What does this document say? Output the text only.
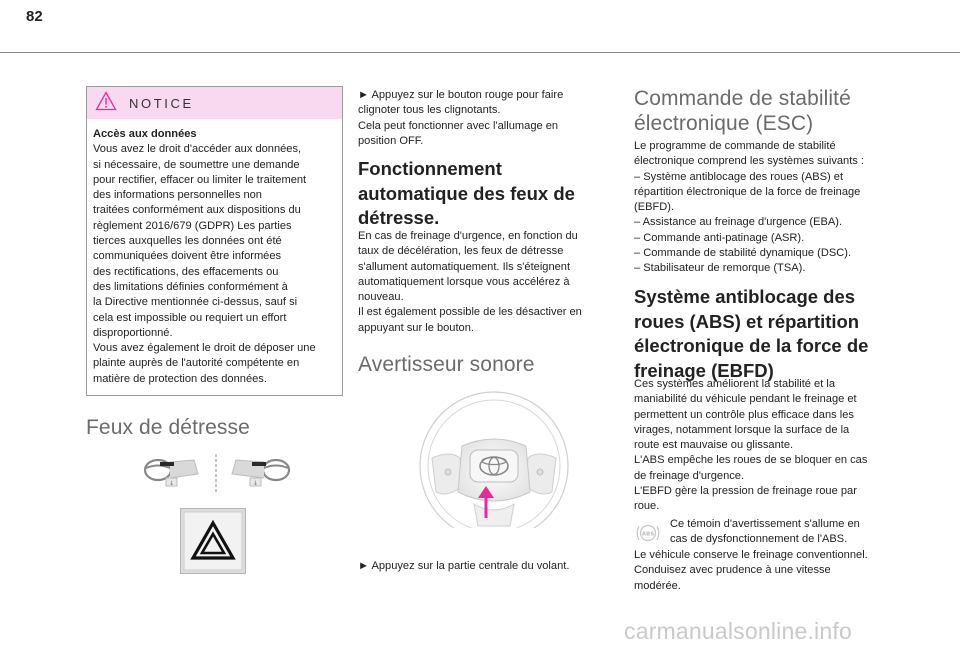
82
NOTICE
Accès aux données
Vous avez le droit d'accéder aux données,
si nécessaire, de soumettre une demande
pour rectifier, effacer ou limiter le traitement
des informations personnelles non
traitées conformément aux dispositions du
règlement 2016/679 (GDPR) Les parties
tierces auxquelles les données ont été
communiquées doivent être informées
des rectifications, des effacements ou
des limitations définies conformément à
la Directive mentionnée ci-dessus, sauf si
cela est impossible ou requiert un effort
disproportionné.
Vous avez également le droit de déposer une
plainte auprès de l'autorité compétente en
matière de protection des données.
Feux de détresse
↓	↓
► Appuyez sur le bouton rouge pour faire
clignoter tous les clignotants.
Cela peut fonctionner avec l'allumage en
position OFF.
Fonctionnement
automatique des feux de
détresse.
En cas de freinage d'urgence, en fonction du
taux de décélération, les feux de détresse
s'allument automatiquement. Ils s'éteignent
automatiquement lorsque vous accélérez à
nouveau.
Il est également possible de les désactiver en
appuyant sur le bouton.
Avertisseur sonore
► Appuyez sur la partie centrale du volant.
Commande de stabilité
électronique (ESC)
Le programme de commande de stabilité
électronique comprend les systèmes suivants :
– Système antiblocage des roues (ABS) et
répartition électronique de la force de freinage
(EBFD).
– Assistance au freinage d'urgence (EBA).
– Commande anti-patinage (ASR).
– Commande de stabilité dynamique (DSC).
– Stabilisateur de remorque (TSA).
Système antiblocage des
roues (ABS) et répartition
électronique de la force de
freinage (EBFD)
Ces systèmes améliorent la stabilité et la
maniabilité du véhicule pendant le freinage et
permettent un contrôle plus efficace dans les
virages, notamment lorsque la surface de la
route est mauvaise ou glissante.
L'ABS empêche les roues de se bloquer en cas
de freinage d'urgence.
L'EBFD gère la pression de freinage roue par
roue.
ABS
Ce témoin d'avertissement s'allume en
cas de dysfonctionnement de l'ABS.
Le véhicule conserve le freinage conventionnel.
Conduisez avec prudence à une vitesse
modérée.
carmanualsonline.info
